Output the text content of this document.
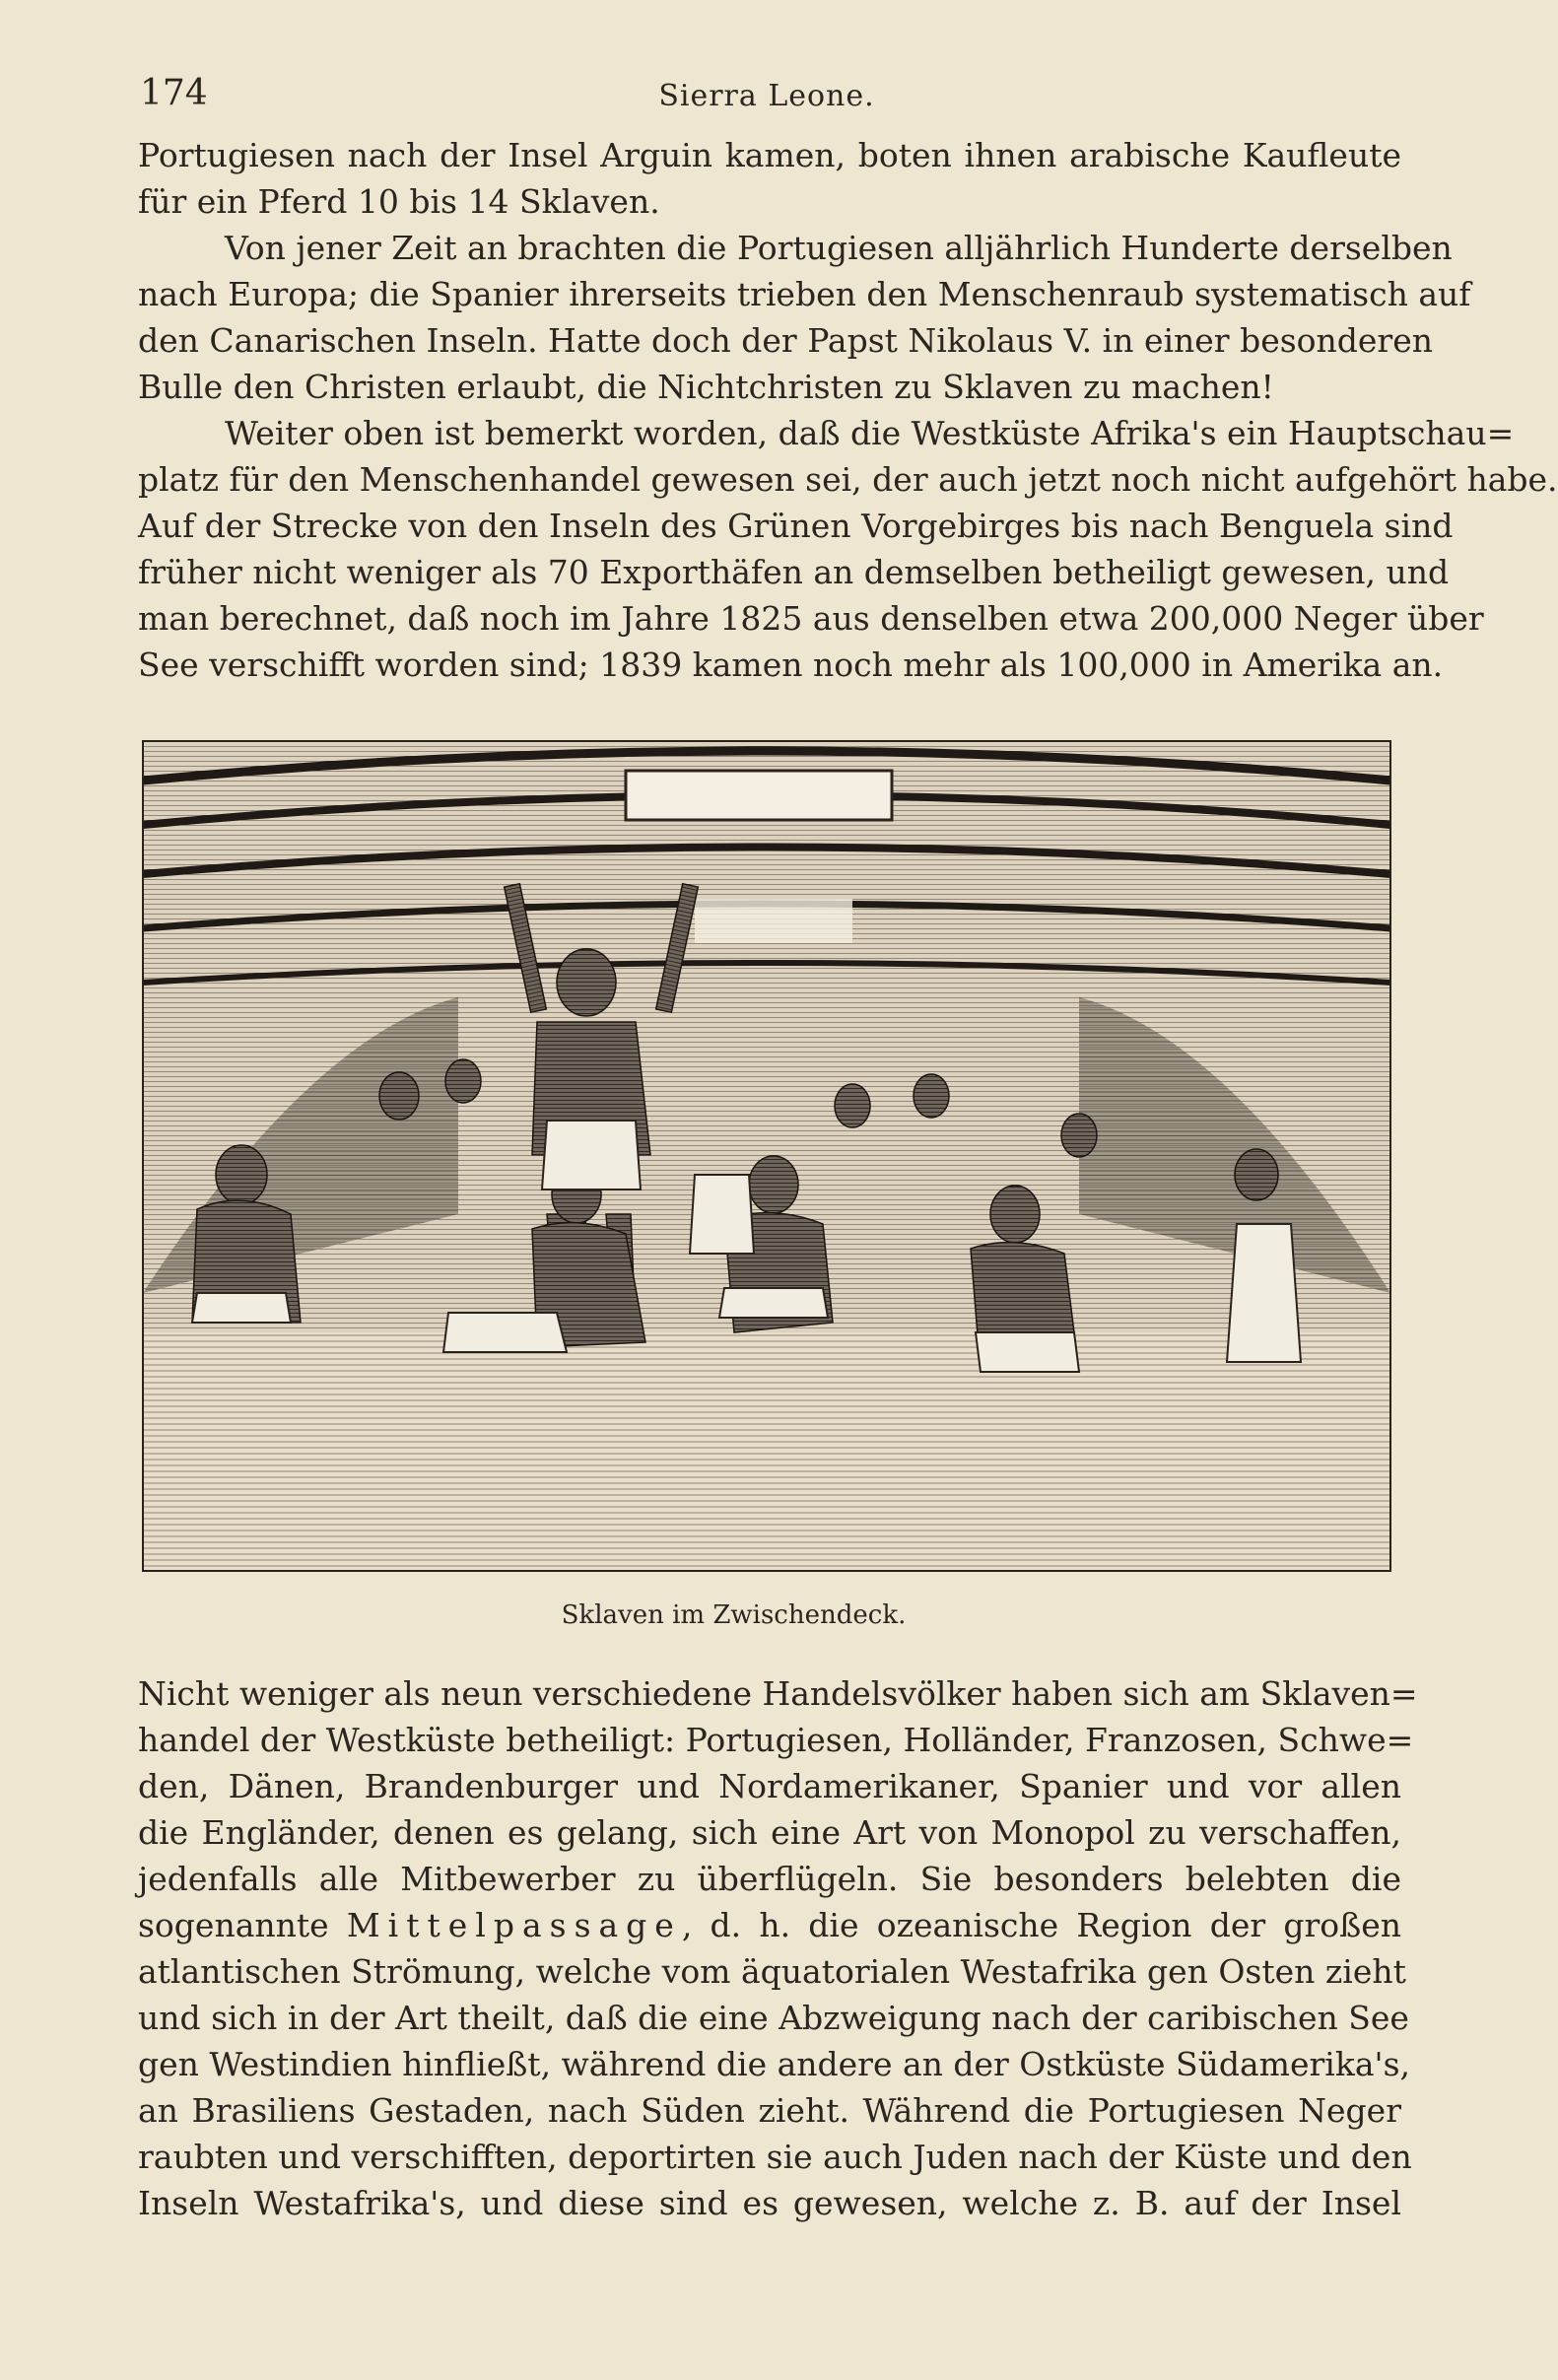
174	Sierra Leone.
Portugiesen nach der Insel Arguin kamen, boten ihnen arabische Kaufleute
für ein Pferd 10 bis 14 Sklaven.
Von jener Zeit an brachten die Portugiesen alljährlich Hunderte derselben
nach Europa; die Spanier ihrerseits trieben den Menschenraub systematisch auf
den Canarischen Inseln. Hatte doch der Papst Nikolaus V. in einer besonderen
Bulle den Christen erlaubt, die Nichtchristen zu Sklaven zu machen!
Weiter oben ist bemerkt worden, daß die Westküste Afrika's ein Hauptschau=
platz für den Menschenhandel gewesen sei, der auch jetzt noch nicht aufgehört habe.
Auf der Strecke von den Inseln des Grünen Vorgebirges bis nach Benguela sind
früher nicht weniger als 70 Exporthäfen an demselben betheiligt gewesen, und
man berechnet, daß noch im Jahre 1825 aus denselben etwa 200,000 Neger über
See verschifft worden sind; 1839 kamen noch mehr als 100,000 in Amerika an.
Sklaven im Zwischendeck.
Nicht weniger als neun verschiedene Handelsvölker haben sich am Sklaven=
handel der Westküste betheiligt: Portugiesen, Holländer, Franzosen, Schwe=
den, Dänen, Brandenburger und Nordamerikaner, Spanier und vor allen
die Engländer, denen es gelang, sich eine Art von Monopol zu verschaffen,
jedenfalls alle Mitbewerber zu überflügeln. Sie besonders belebten die
sogenannte Mittelpassage, d. h. die ozeanische Region der großen
atlantischen Strömung, welche vom äquatorialen Westafrika gen Osten zieht
und sich in der Art theilt, daß die eine Abzweigung nach der caribischen See
gen Westindien hinfließt, während die andere an der Ostküste Südamerika's,
an Brasiliens Gestaden, nach Süden zieht. Während die Portugiesen Neger
raubten und verschifften, deportirten sie auch Juden nach der Küste und den
Inseln Westafrika's, und diese sind es gewesen, welche z. B. auf der Insel
